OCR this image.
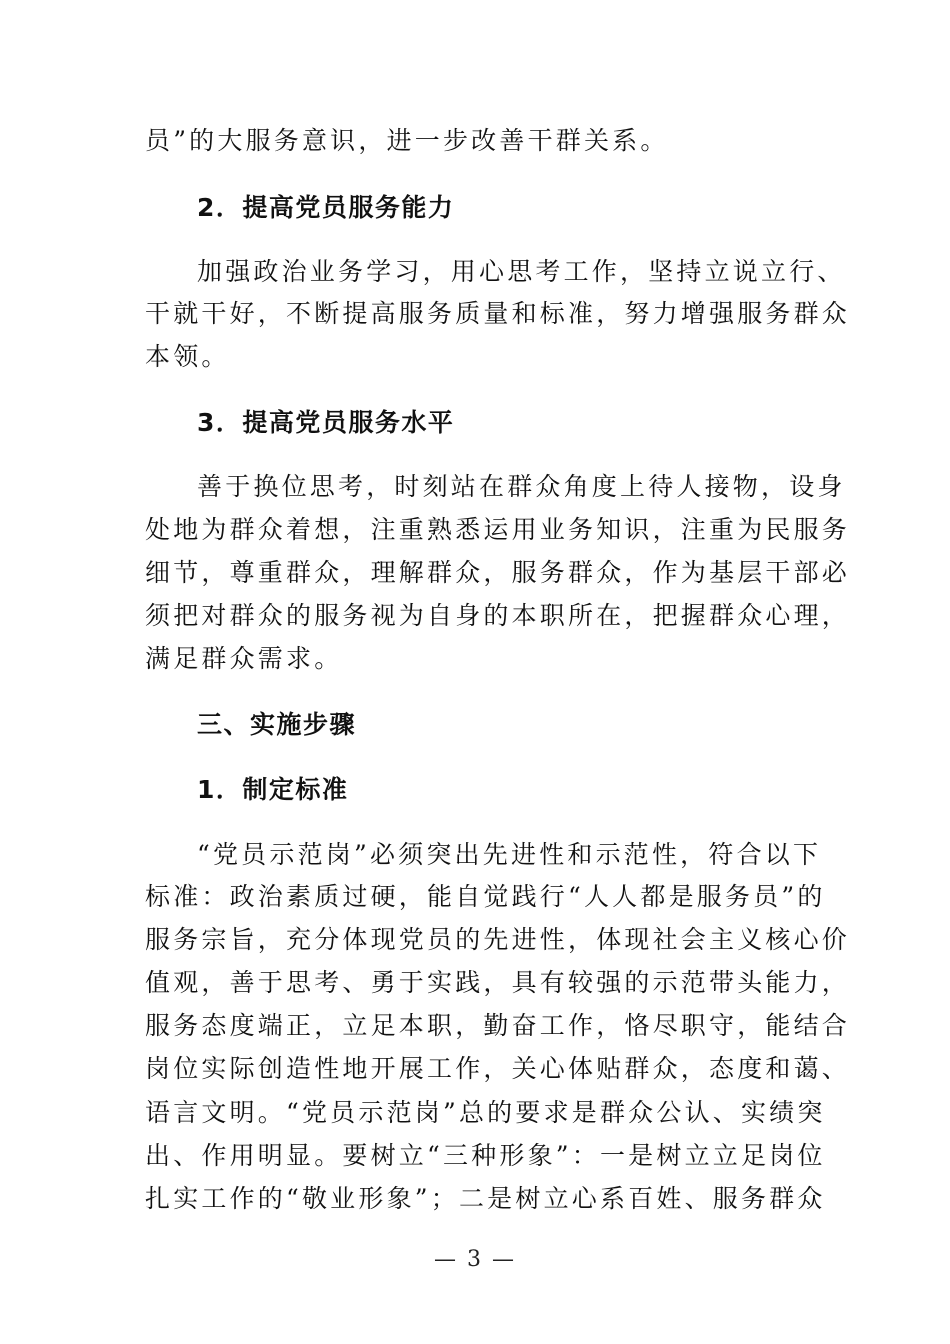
员”的大服务意识，进一步改善干群关系。
2．提高党员服务能力
加强政治业务学习，用心思考工作，坚持立说立行、
干就干好，不断提高服务质量和标准，努力增强服务群众
本领。
3．提高党员服务水平
善于换位思考，时刻站在群众角度上待人接物，设身
处地为群众着想，注重熟悉运用业务知识，注重为民服务
细节，尊重群众，理解群众，服务群众，作为基层干部必
须把对群众的服务视为自身的本职所在，把握群众心理，
满足群众需求。
三、实施步骤
1．制定标准
“党员示范岗”必须突出先进性和示范性，符合以下
标准：政治素质过硬，能自觉践行“人人都是服务员”的
服务宗旨，充分体现党员的先进性，体现社会主义核心价
值观，善于思考、勇于实践，具有较强的示范带头能力，
服务态度端正，立足本职，勤奋工作，恪尽职守，能结合
岗位实际创造性地开展工作，关心体贴群众，态度和蔼、
语言文明。“党员示范岗”总的要求是群众公认、实绩突
出、作用明显。要树立“三种形象”：一是树立立足岗位
扎实工作的“敬业形象”；二是树立心系百姓、服务群众
— 3 —
